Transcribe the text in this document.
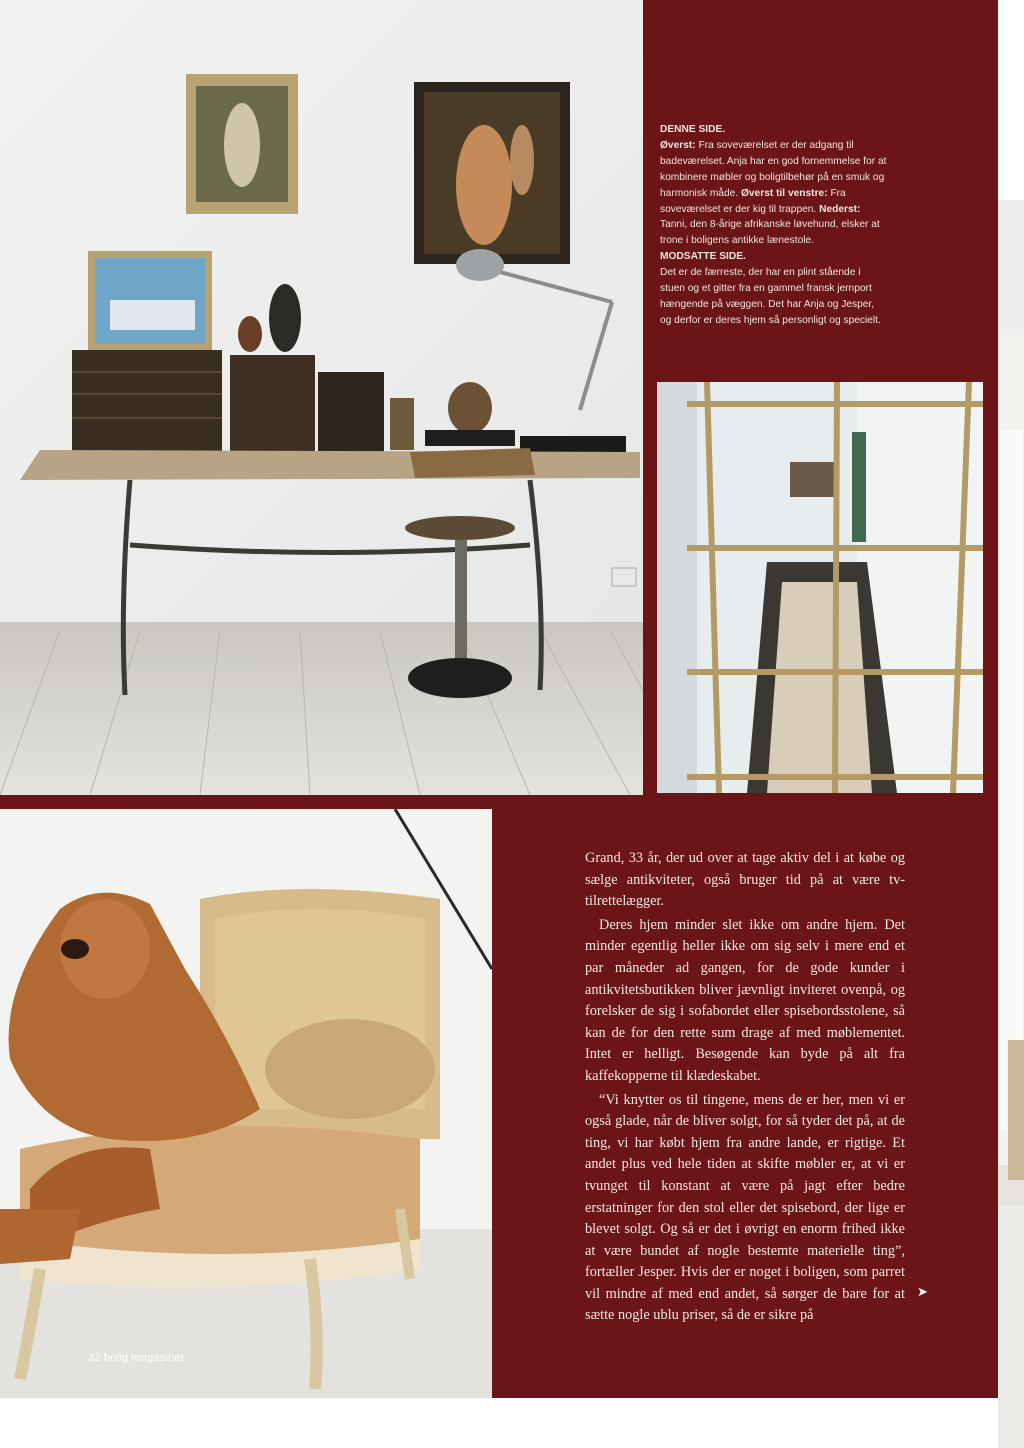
DENNE SIDE.

Øverst: Fra soveværelset er der adgang til badeværelset. Anja har en god fornemmelse for at kombinere møbler og boligtilbehør på en smuk og harmonisk måde. Øverst til venstre: Fra soveværelset er der kig til trappen. Nederst: Tanni, den 8-årige afrikanske løvehund, elsker at trone i boligens antikke lænestole.

MODSATTE SIDE.

Det er de færreste, der har en plint stående i stuen og et gitter fra en gammel fransk jernport hængende på væggen. Det har Anja og Jesper, og derfor er deres hjem så personligt og specielt.

Grand, 33 år, der ud over at tage aktiv del i at købe og sælge antikviteter, også bruger tid på at være tv-tilrettelægger.

Deres hjem minder slet ikke om andre hjem. Det minder egentlig heller ikke om sig selv i mere end et par måneder ad gangen, for de gode kunder i antikvitetsbutikken bliver jævnligt inviteret ovenpå, og forelsker de sig i sofabordet eller spisebordsstolene, så kan de for den rette sum drage af med møblementet. Intet er helligt. Besøgende kan byde på alt fra kaffekopperne til klædeskabet.

“Vi knytter os til tingene, mens de er her, men vi er også glade, når de bliver solgt, for så tyder det på, at de ting, vi har købt hjem fra andre lande, er rigtige. Et andet plus ved hele tiden at skifte møbler er, at vi er tvunget til konstant at være på jagt efter bedre erstatninger for den stol eller det spisebord, der lige er blevet solgt. Og så er det i øvrigt en enorm frihed ikke at være bundet af nogle bestemte materielle ting”, fortæller Jesper. Hvis der er noget i boligen, som parret vil mindre af med end andet, så sørger de bare for at sætte nogle ublu priser, så de er sikre på

➤
32 bolig magasinet
